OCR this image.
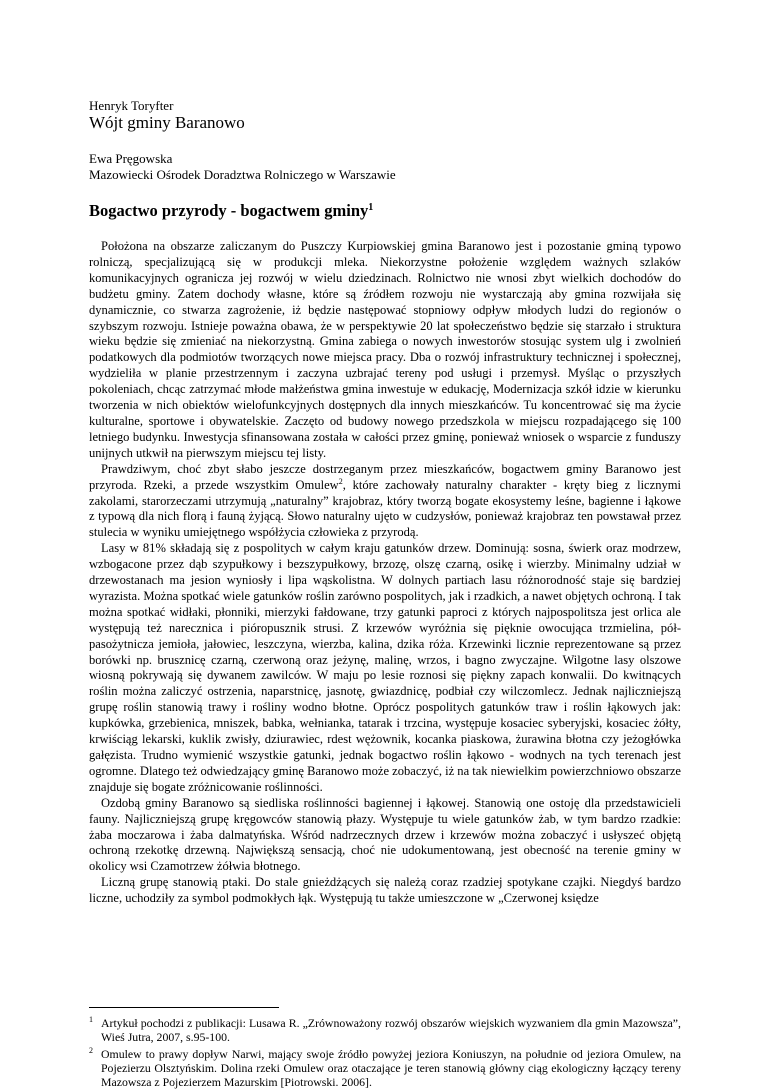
Henryk Toryfter
Wójt gminy Baranowo
Ewa Pręgowska
Mazowiecki Ośrodek Doradztwa Rolniczego w Warszawie
Bogactwo przyrody - bogactwem gminy$^1$

Położona na obszarze zaliczanym do Puszczy Kurpiowskiej gmina Baranowo jest i pozostanie gminą typowo rolniczą, specjalizującą się w produkcji mleka. Niekorzystne położenie względem ważnych szlaków komunikacyjnych ogranicza jej rozwój w wielu dziedzinach. Rolnictwo nie wnosi zbyt wielkich dochodów do budżetu gminy. Zatem dochody własne, które są źródłem rozwoju nie wystarczają aby gmina rozwijała się dynamicznie, co stwarza zagrożenie, iż będzie następować stopniowy odpływ młodych ludzi do regionów o szybszym rozwoju. Istnieje poważna obawa, że w perspektywie 20 lat społeczeństwo będzie się starzało i struktura wieku będzie się zmieniać na niekorzystną. Gmina zabiega o nowych inwestorów stosując system ulg i zwolnień podatkowych dla podmiotów tworzących nowe miejsca pracy. Dba o rozwój infrastruktury technicznej i społecznej, wydzieliła w planie przestrzennym i zaczyna uzbrajać tereny pod usługi i przemysł. Myśląc o przyszłych pokoleniach, chcąc zatrzymać młode małżeństwa gmina inwestuje w edukację, Modernizacja szkół idzie w kierunku tworzenia w nich obiektów wielofunkcyjnych dostępnych dla innych mieszkańców. Tu koncentrować się ma życie kulturalne, sportowe i obywatelskie. Zaczęto od budowy nowego przedszkola w miejscu rozpadającego się 100 letniego budynku. Inwestycja sfinansowana została w całości przez gminę, ponieważ wniosek o wsparcie z funduszy unijnych utkwił na pierwszym miejscu tej listy.

Prawdziwym, choć zbyt słabo jeszcze dostrzeganym przez mieszkańców, bogactwem gminy Baranowo jest przyroda. Rzeki, a przede wszystkim Omulew$^2$, które zachowały naturalny charakter - kręty bieg z licznymi zakolami, starorzeczami utrzymują „naturalny” krajobraz, który tworzą bogate ekosystemy leśne, bagienne i łąkowe z typową dla nich florą i fauną żyjącą. Słowo naturalny ujęto w cudzysłów, ponieważ krajobraz ten powstawał przez stulecia w wyniku umiejętnego współżycia człowieka z przyrodą.

Lasy w 81% składają się z pospolitych w całym kraju gatunków drzew. Dominują: sosna, świerk oraz modrzew, wzbogacone przez dąb szypułkowy i bezszypułkowy, brzozę, olszę czarną, osikę i wierzby. Minimalny udział w drzewostanach ma jesion wyniosły i lipa wąskolistna. W dolnych partiach lasu różnorodność staje się bardziej wyrazista. Można spotkać wiele gatunków roślin zarówno pospolitych, jak i rzadkich, a nawet objętych ochroną. I tak można spotkać widłaki, płonniki, mierzyki fałdowane, trzy gatunki paproci z których najpospolitsza jest orlica ale występują też narecznica i pióropusznik strusi. Z krzewów wyróżnia się pięknie owocująca trzmielina, pół-pasożytnicza jemioła, jałowiec, leszczyna, wierzba, kalina, dzika róża. Krzewinki licznie reprezentowane są przez borówki np. brusznicę czarną, czerwoną oraz jeżynę, malinę, wrzos, i bagno zwyczajne. Wilgotne lasy olszowe wiosną pokrywają się dywanem zawilców. W maju po lesie roznosi się piękny zapach konwalii. Do kwitnących roślin można zaliczyć ostrzenia, naparstnicę, jasnotę, gwiazdnicę, podbiał czy wilczomlecz. Jednak najliczniejszą grupę roślin stanowią trawy i rośliny wodno błotne. Oprócz pospolitych gatunków traw i roślin łąkowych jak: kupkówka, grzebienica, mniszek, babka, wełnianka, tatarak i trzcina, występuje kosaciec syberyjski, kosaciec żółty, krwiściąg lekarski, kuklik zwisły, dziurawiec, rdest wężownik, kocanka piaskowa, żurawina błotna czy jeżogłówka gałęzista. Trudno wymienić wszystkie gatunki, jednak bogactwo roślin łąkowo - wodnych na tych terenach jest ogromne. Dlatego też odwiedzający gminę Baranowo może zobaczyć, iż na tak niewielkim powierzchniowo obszarze znajduje się bogate zróżnicowanie roślinności.

Ozdobą gminy Baranowo są siedliska roślinności bagiennej i łąkowej. Stanowią one ostoję dla przedstawicieli fauny. Najliczniejszą grupę kręgowców stanowią płazy. Występuje tu wiele gatunków żab, w tym bardzo rzadkie: żaba moczarowa i żaba dalmatyńska. Wśród nadrzecznych drzew i krzewów można zobaczyć i usłyszeć objętą ochroną rzekotkę drzewną. Największą sensacją, choć nie udokumentowaną, jest obecność na terenie gminy w okolicy wsi Czamotrzew żółwia błotnego.

Liczną grupę stanowią ptaki. Do stale gnieżdżących się należą coraz rzadziej spotykane czajki. Niegdyś bardzo liczne, uchodziły za symbol podmokłych łąk. Występują tu także umieszczone w „Czerwonej księdze

1 Artykuł pochodzi z publikacji: Lusawa R. „Zrównoważony rozwój obszarów wiejskich wyzwaniem dla gmin Mazowsza”, Wieś Jutra, 2007, s.95-100.

2 Omulew to prawy dopływ Narwi, mający swoje źródło powyżej jeziora Koniuszyn, na południe od jeziora Omulew, na Pojezierzu Olsztyńskim. Dolina rzeki Omulew oraz otaczające je teren stanowią główny ciąg ekologiczny łączący tereny Mazowsza z Pojezierzem Mazurskim [Piotrowski. 2006].
